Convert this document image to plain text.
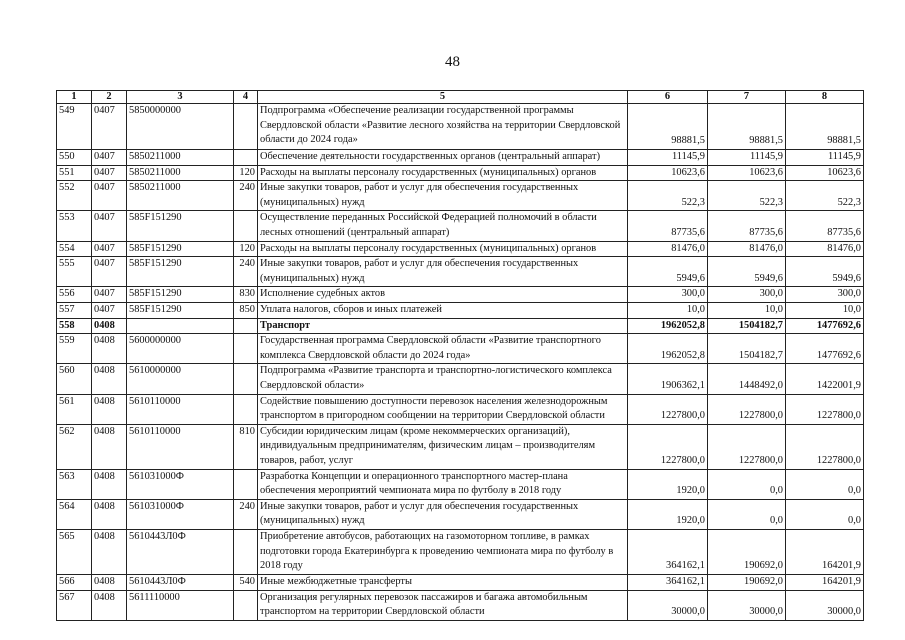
48
1	2	3	4	5	6	7	8
549	0407	5850000000		Подпрограмма «Обеспечение реализации государственной программы Свердловской области «Развитие лесного хозяйства на территории Свердловской области до 2024 года»	98881,5	98881,5	98881,5
550	0407	5850211000		Обеспечение деятельности государственных органов (центральный аппарат)	11145,9	11145,9	11145,9
551	0407	5850211000	120	Расходы на выплаты персоналу государственных (муниципальных) органов	10623,6	10623,6	10623,6
552	0407	5850211000	240	Иные закупки товаров, работ и услуг для обеспечения государственных (муниципальных) нужд	522,3	522,3	522,3
553	0407	585F151290		Осуществление переданных Российской Федерацией полномочий в области лесных отношений (центральный аппарат)	87735,6	87735,6	87735,6
554	0407	585F151290	120	Расходы на выплаты персоналу государственных (муниципальных) органов	81476,0	81476,0	81476,0
555	0407	585F151290	240	Иные закупки товаров, работ и услуг для обеспечения государственных (муниципальных) нужд	5949,6	5949,6	5949,6
556	0407	585F151290	830	Исполнение судебных актов	300,0	300,0	300,0
557	0407	585F151290	850	Уплата налогов, сборов и иных платежей	10,0	10,0	10,0
558	0408			Транспорт	1962052,8	1504182,7	1477692,6
559	0408	5600000000		Государственная программа Свердловской области «Развитие транспортного комплекса Свердловской области до 2024 года»	1962052,8	1504182,7	1477692,6
560	0408	5610000000		Подпрограмма «Развитие транспорта и транспортно-логистического комплекса Свердловской области»	1906362,1	1448492,0	1422001,9
561	0408	5610110000		Содействие повышению доступности перевозок населения железнодорожным транспортом в пригородном сообщении на территории Свердловской области	1227800,0	1227800,0	1227800,0
562	0408	5610110000	810	Субсидии юридическим лицам (кроме некоммерческих организаций), индивидуальным предпринимателям, физическим лицам – производителям товаров, работ, услуг	1227800,0	1227800,0	1227800,0
563	0408	561031000Ф		Разработка Концепции и операционного транспортного мастер-плана обеспечения мероприятий чемпионата мира по футболу в 2018 году	1920,0	0,0	0,0
564	0408	561031000Ф	240	Иные закупки товаров, работ и услуг для обеспечения государственных (муниципальных) нужд	1920,0	0,0	0,0
565	0408	5610443Л0Ф		Приобретение автобусов, работающих на газомоторном топливе, в рамках подготовки города Екатеринбурга к проведению чемпионата мира по футболу в 2018 году	364162,1	190692,0	164201,9
566	0408	5610443Л0Ф	540	Иные межбюджетные трансферты	364162,1	190692,0	164201,9
567	0408	5611110000		Организация регулярных перевозок пассажиров и багажа автомобильным транспортом на территории Свердловской области	30000,0	30000,0	30000,0
